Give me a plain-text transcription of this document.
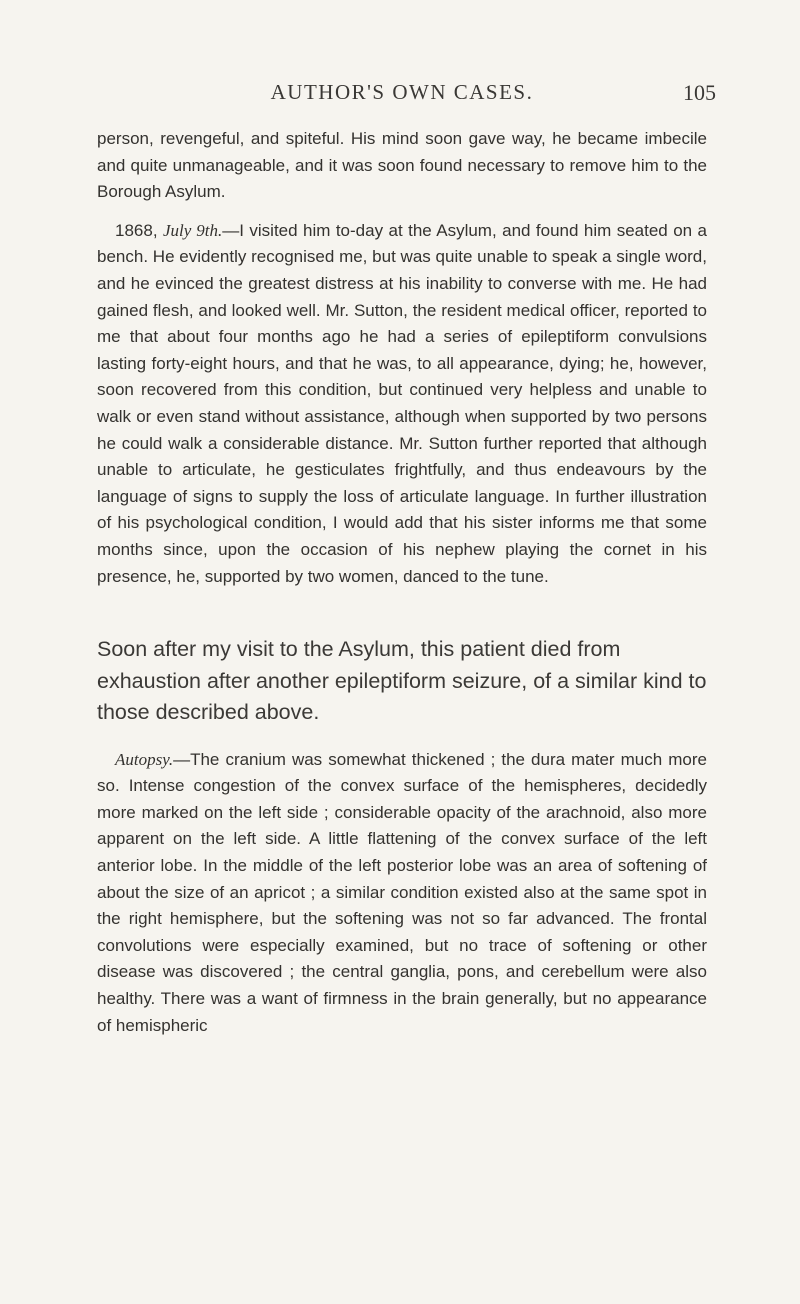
AUTHOR'S OWN CASES.	105

person, revengeful, and spiteful. His mind soon gave way, he became imbecile and quite unmanageable, and it was soon found necessary to remove him to the Borough Asylum.

1868, July 9th.—I visited him to-day at the Asylum, and found him seated on a bench. He evidently recognised me, but was quite unable to speak a single word, and he evinced the greatest distress at his inability to converse with me. He had gained flesh, and looked well. Mr. Sutton, the resident medical officer, reported to me that about four months ago he had a series of epileptiform convulsions lasting forty-eight hours, and that he was, to all appearance, dying; he, however, soon recovered from this condition, but continued very helpless and unable to walk or even stand without assistance, although when supported by two persons he could walk a considerable distance. Mr. Sutton further reported that although unable to articulate, he gesticulates frightfully, and thus endeavours by the language of signs to supply the loss of articulate language. In further illustration of his psychological condition, I would add that his sister informs me that some months since, upon the occasion of his nephew playing the cornet in his presence, he, supported by two women, danced to the tune.

Soon after my visit to the Asylum, this patient died from exhaustion after another epileptiform seizure, of a similar kind to those described above.

Autopsy.—The cranium was somewhat thickened ; the dura mater much more so. Intense congestion of the convex surface of the hemispheres, decidedly more marked on the left side ; considerable opacity of the arachnoid, also more apparent on the left side. A little flattening of the convex surface of the left anterior lobe. In the middle of the left posterior lobe was an area of softening of about the size of an apricot ; a similar condition existed also at the same spot in the right hemisphere, but the softening was not so far advanced. The frontal convolutions were especially examined, but no trace of softening or other disease was discovered ; the central ganglia, pons, and cerebellum were also healthy. There was a want of firmness in the brain generally, but no appearance of hemispheric
